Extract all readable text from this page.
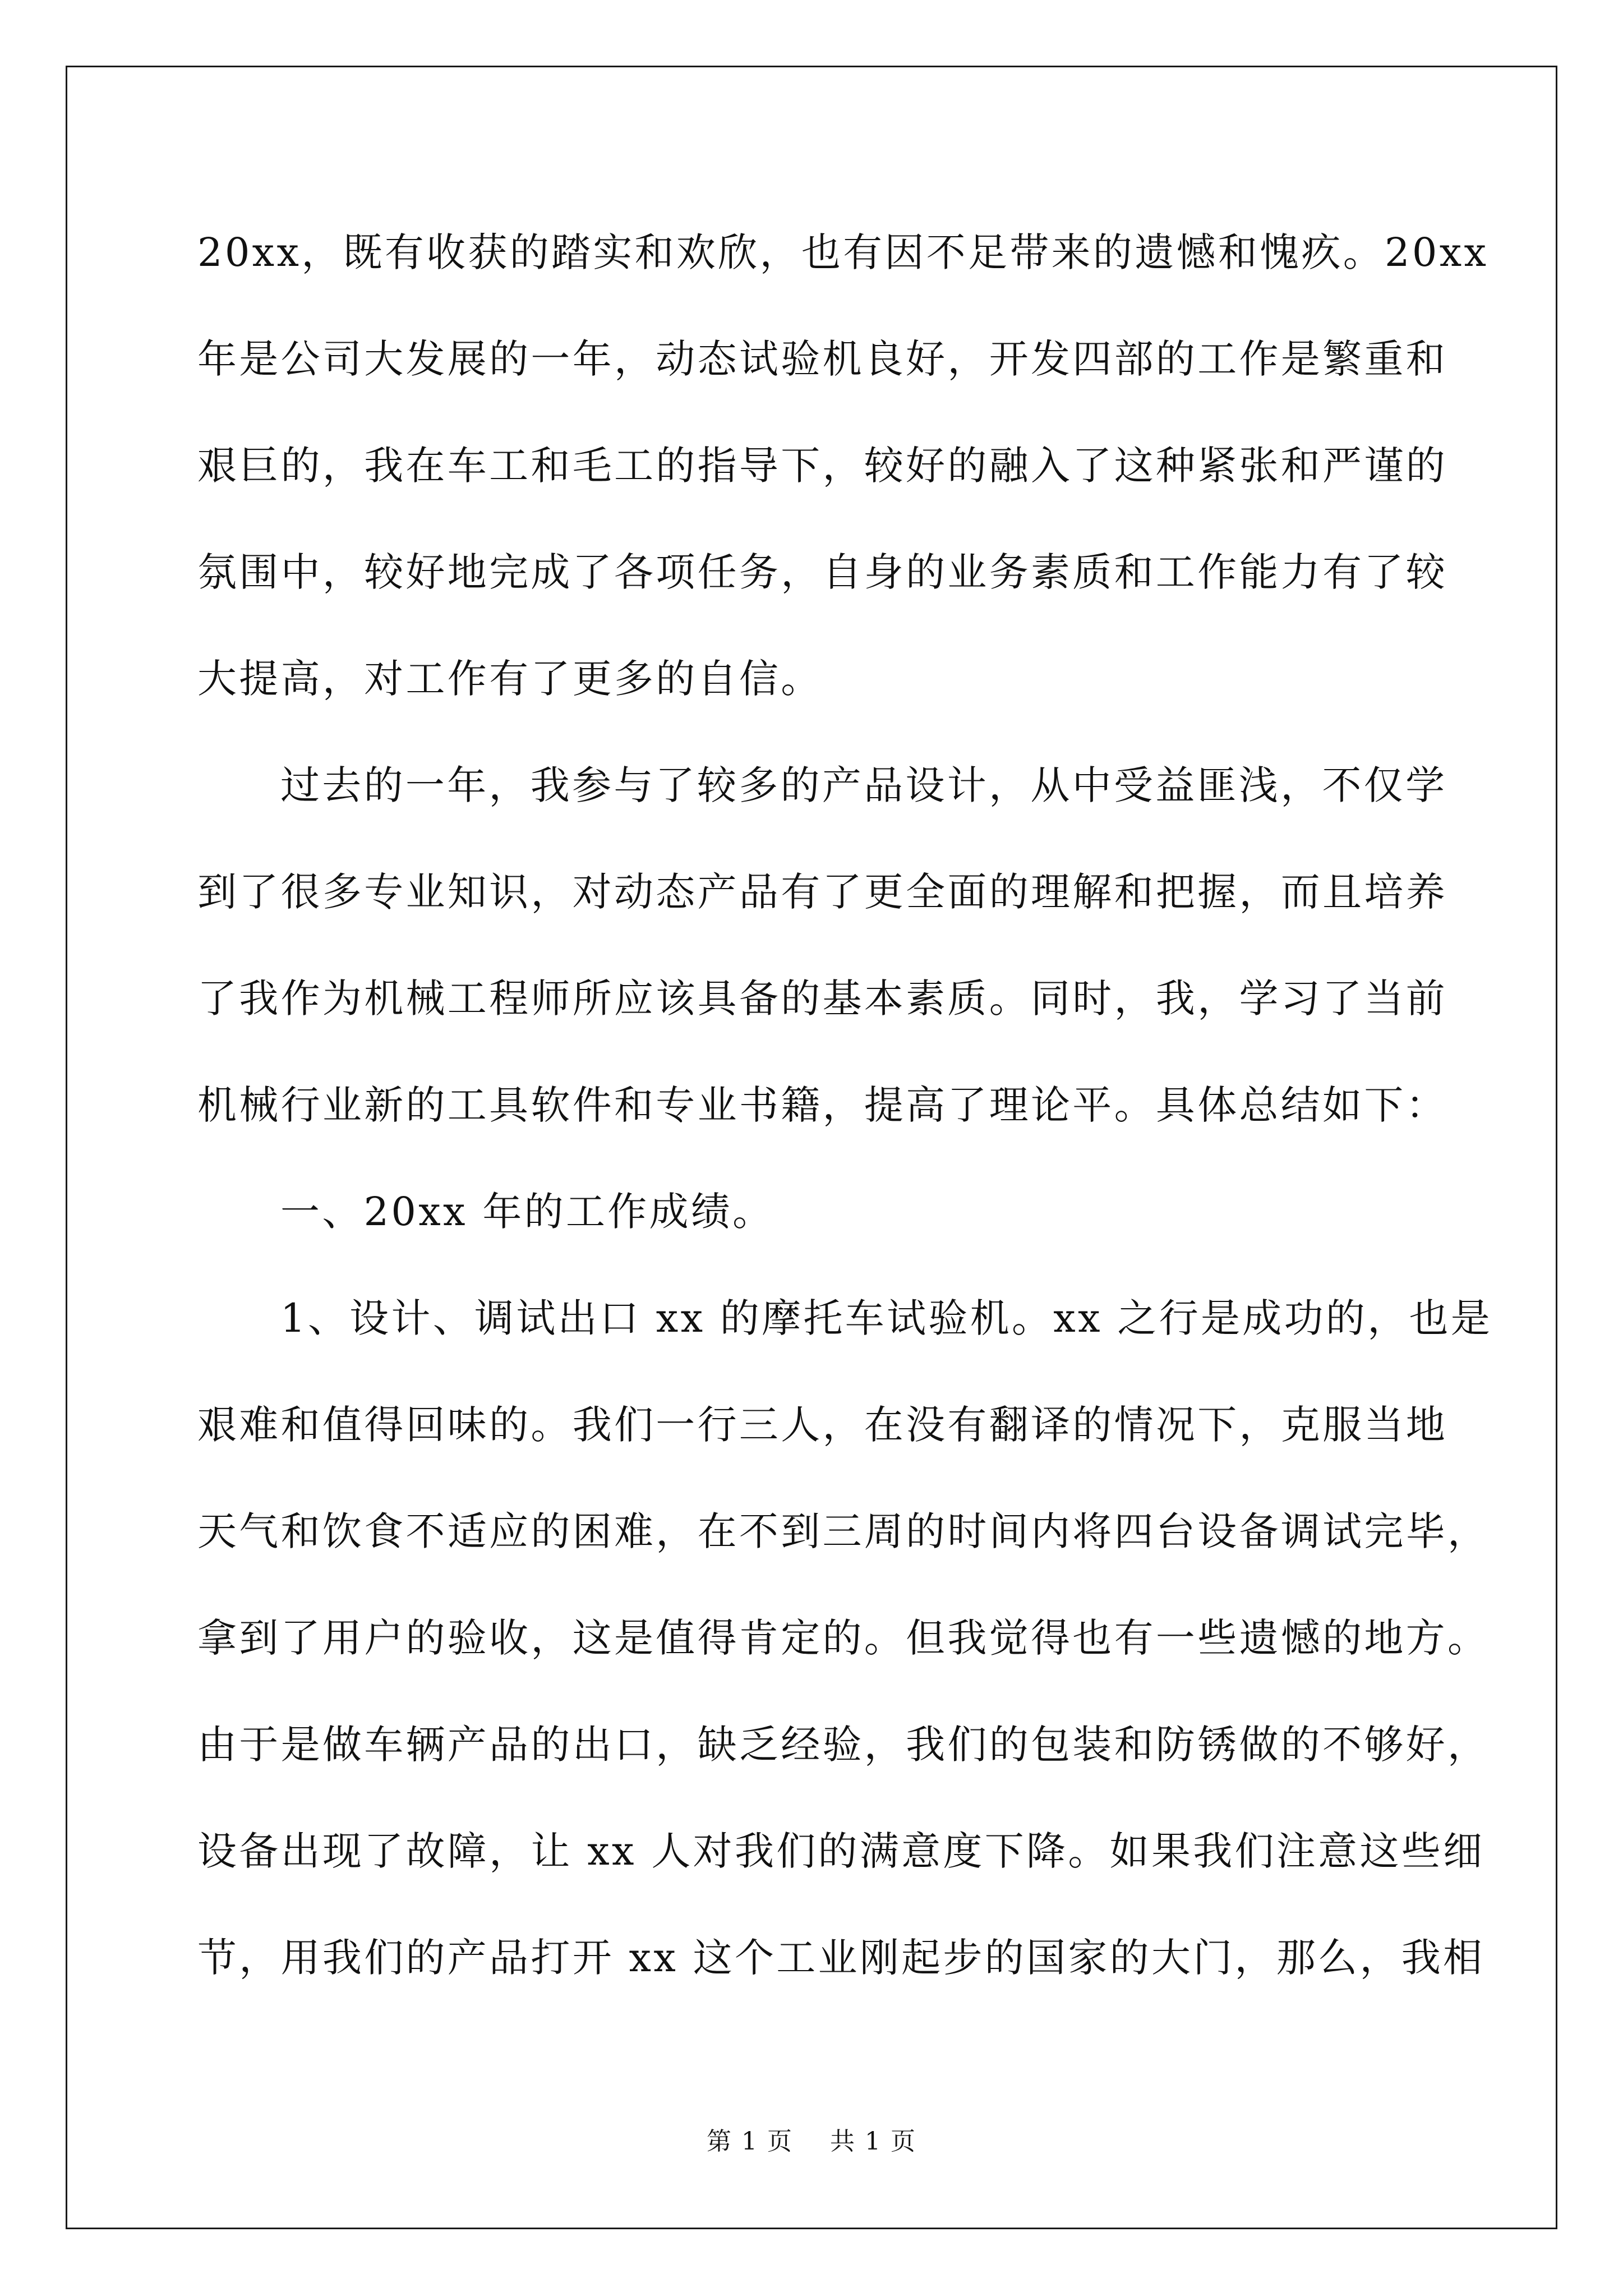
20xx，既有收获的踏实和欢欣，也有因不足带来的遗憾和愧疚。20xx
年是公司大发展的一年，动态试验机良好，开发四部的工作是繁重和
艰巨的，我在车工和毛工的指导下，较好的融入了这种紧张和严谨的
氛围中，较好地完成了各项任务，自身的业务素质和工作能力有了较
大提高，对工作有了更多的自信。
过去的一年，我参与了较多的产品设计，从中受益匪浅，不仅学
到了很多专业知识，对动态产品有了更全面的理解和把握，而且培养
了我作为机械工程师所应该具备的基本素质。同时，我，学习了当前
机械行业新的工具软件和专业书籍，提高了理论平。具体总结如下：
一、20xx 年的工作成绩。
1、设计、调试出口 xx 的摩托车试验机。xx 之行是成功的，也是
艰难和值得回味的。我们一行三人，在没有翻译的情况下，克服当地
天气和饮食不适应的困难，在不到三周的时间内将四台设备调试完毕，
拿到了用户的验收，这是值得肯定的。但我觉得也有一些遗憾的地方。
由于是做车辆产品的出口，缺乏经验，我们的包装和防锈做的不够好，
设备出现了故障，让 xx 人对我们的满意度下降。如果我们注意这些细
节，用我们的产品打开 xx 这个工业刚起步的国家的大门，那么，我相
第 1 页 共 1 页
